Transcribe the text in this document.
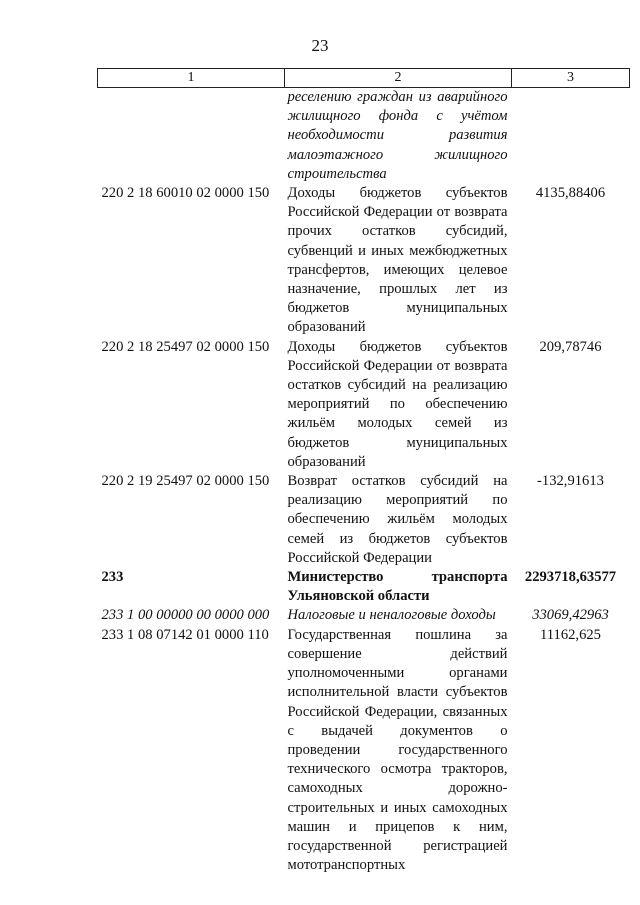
23
1	2	3
	реселению граждан из аварийного жилищного фонда с учётом необходимости развития малоэтажного жилищного строительства	
220 2 18 60010 02 0000 150	Доходы бюджетов субъектов Российской Федерации от возврата прочих остатков субсидий, субвенций и иных межбюджетных трансфертов, имеющих целевое назначение, прошлых лет из бюджетов муниципальных образований	4135,88406
220 2 18 25497 02 0000 150	Доходы бюджетов субъектов Российской Федерации от возврата остатков субсидий на реализацию мероприятий по обеспечению жильём молодых семей из бюджетов муниципальных образований	209,78746
220 2 19 25497 02 0000 150	Возврат остатков субсидий на реализацию мероприятий по обеспечению жильём молодых семей из бюджетов субъектов Российской Федерации	-132,91613
233	Министерство транспорта Ульяновской области	2293718,63577
233 1 00 00000 00 0000 000	Налоговые и неналоговые доходы	33069,42963
233 1 08 07142 01 0000 110	Государственная пошлина за совершение действий уполномоченными органами исполнительной власти субъектов Российской Федерации, связанных с выдачей документов о проведении государственного технического осмотра тракторов, самоходных дорожно-строительных и иных самоходных машин и прицепов к ним, государственной регистрацией мототранспортных	11162,625
